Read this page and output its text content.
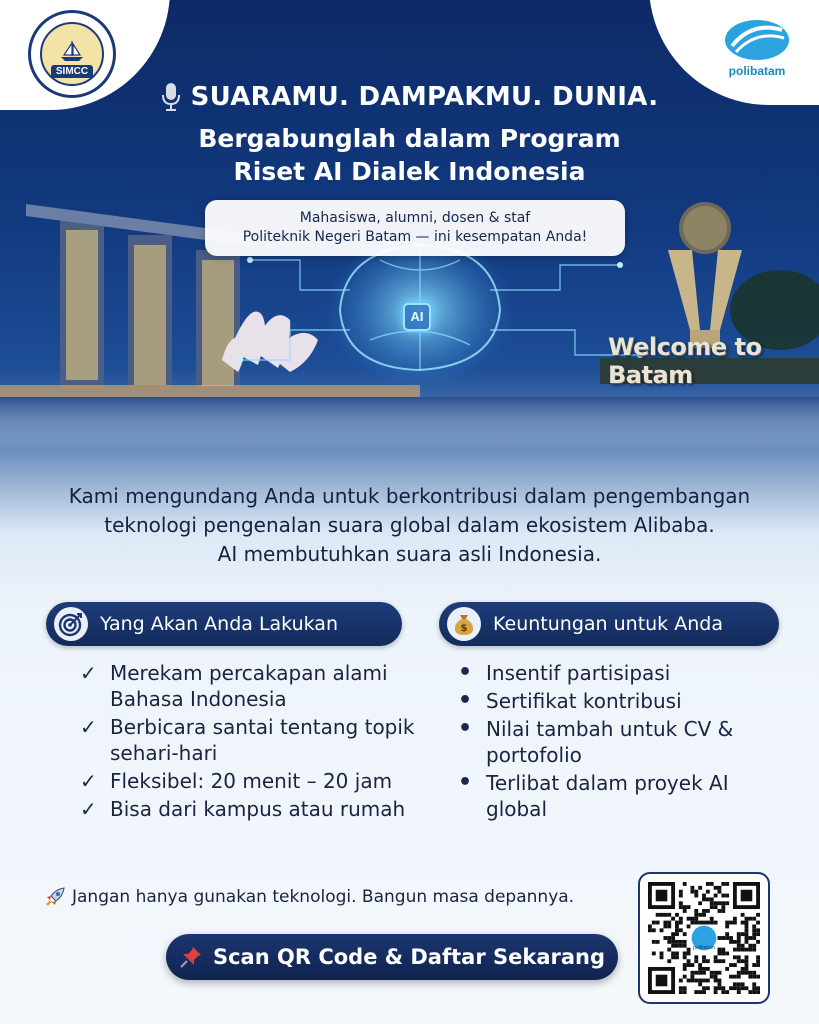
AI
Welcome to Batam
SIMCC	polibatam
SUARAMU. DAMPAKMU. DUNIA.
Bergabunglah dalam Program
Riset AI Dialek Indonesia
Mahasiswa, alumni, dosen & staf
Politeknik Negeri Batam — ini kesempatan Anda!
Kami mengundang Anda untuk berkontribusi dalam pengembangan
teknologi pengenalan suara global dalam ekosistem Alibaba.
AI membutuhkan suara asli Indonesia.
Yang Akan Anda Lakukan	$ Keuntungan untuk Anda
✓ Merekam percakapan alami
Bahasa Indonesia
✓ Berbicara santai tentang topik
sehari-hari
✓ Fleksibel: 20 menit – 20 jam
✓ Bisa dari kampus atau rumah
• Insentif partisipasi
• Sertifikat kontribusi
• Nilai tambah untuk CV &
portofolio
• Terlibat dalam proyek AI
global
Jangan hanya gunakan teknologi. Bangun masa depannya.
Scan QR Code & Daftar Sekarang	polibatam
